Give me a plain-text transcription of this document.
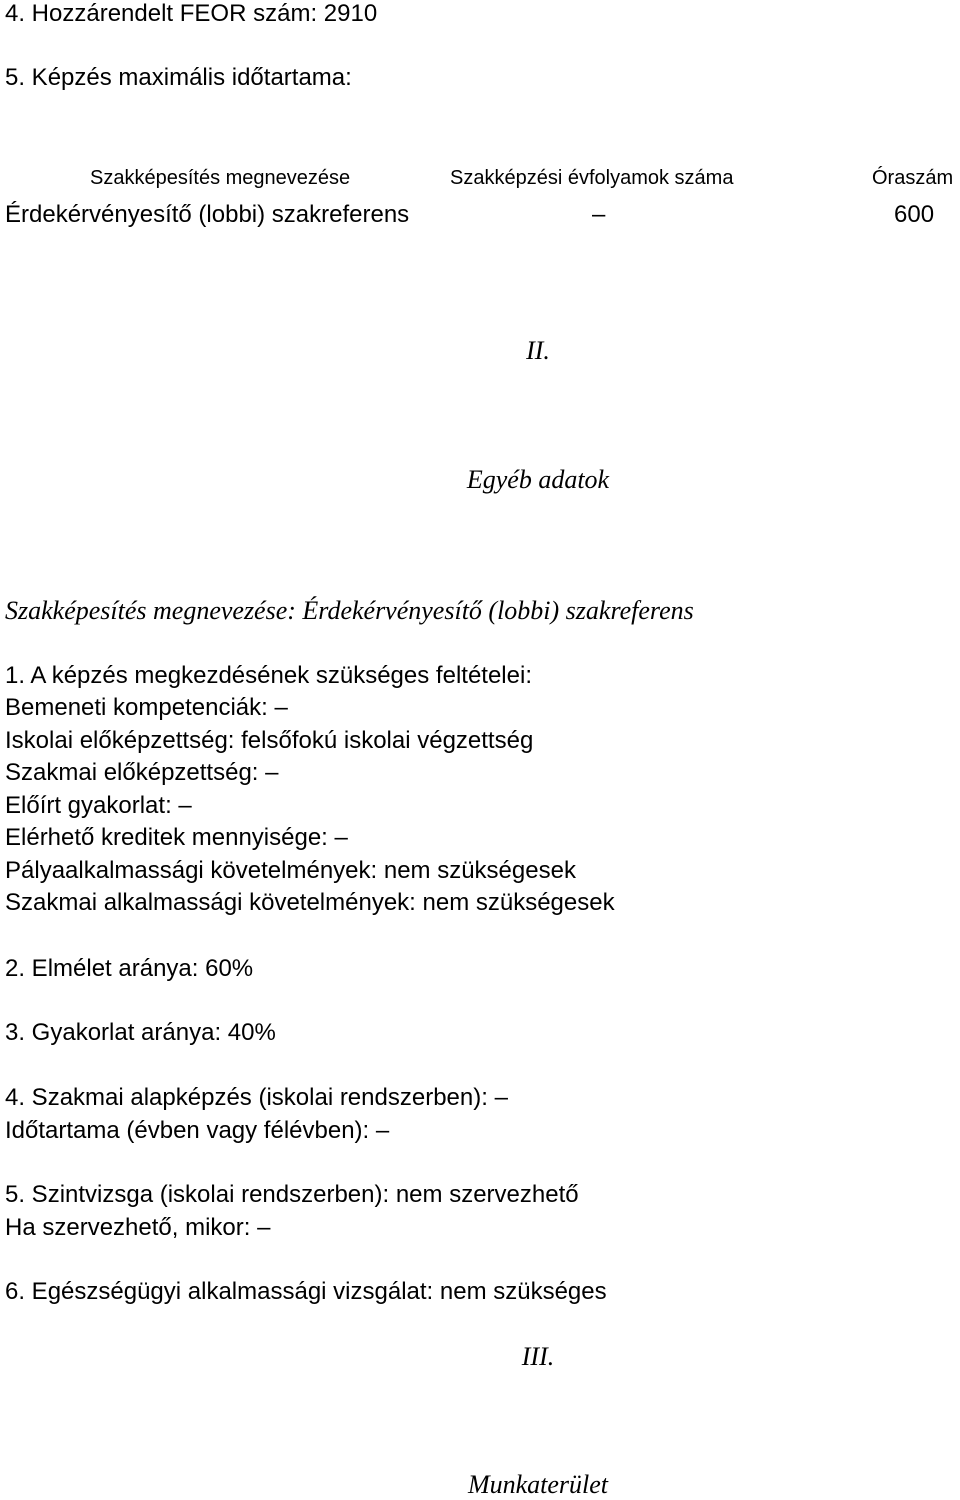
4. Hozzárendelt FEOR szám: 2910
5. Képzés maximális időtartama:
Szakképesítés megnevezése	Szakképzési évfolyamok száma	Óraszám
Érdekérvényesítő (lobbi) szakreferens	–	600
II.
Egyéb adatok
Szakképesítés megnevezése: Érdekérvényesítő (lobbi) szakreferens
1. A képzés megkezdésének szükséges feltételei:
Bemeneti kompetenciák: –
Iskolai előképzettség: felsőfokú iskolai végzettség
Szakmai előképzettség: –
Előírt gyakorlat: –
Elérhető kreditek mennyisége: –
Pályaalkalmassági követelmények: nem szükségesek
Szakmai alkalmassági követelmények: nem szükségesek
2. Elmélet aránya: 60%
3. Gyakorlat aránya: 40%
4. Szakmai alapképzés (iskolai rendszerben): –
Időtartama (évben vagy félévben): –
5. Szintvizsga (iskolai rendszerben): nem szervezhető
Ha szervezhető, mikor: –
6. Egészségügyi alkalmassági vizsgálat: nem szükséges
III.
Munkaterület
